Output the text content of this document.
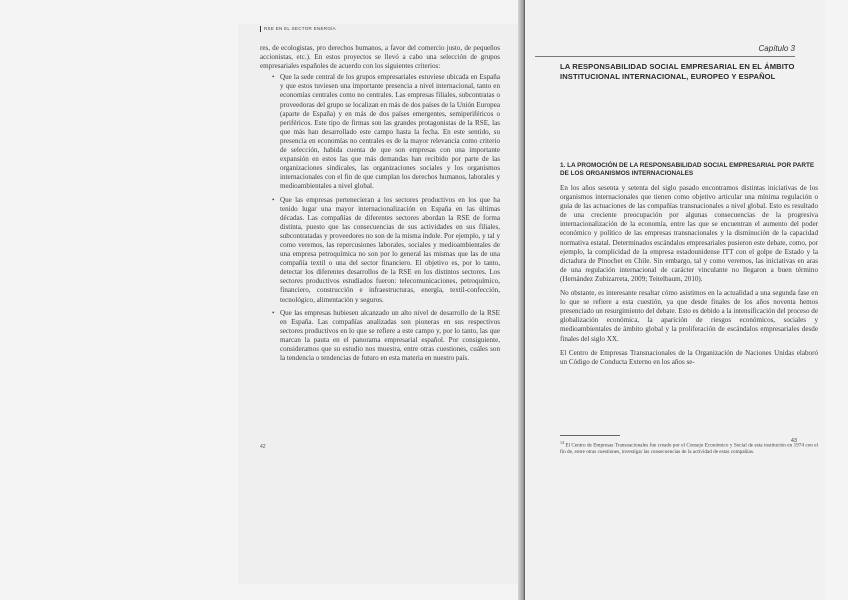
RSE EN EL SECTOR ENERGÍA

res, de ecologistas, pro derechos humanos, a favor del comercio justo, de pequeños accionistas, etc.). En estos proyectos se llevó a cabo una selección de grupos empresariales españoles de acuerdo con los siguientes criterios:

• Que la sede central de los grupos empresariales estuviese ubicada en España y que estos tuviesen una importante presencia a nivel internacional, tanto en economías centrales como no centrales. Las empresas filiales, subcontratas o proveedoras del grupo se localizan en más de dos países de la Unión Europea (aparte de España) y en más de dos países emergentes, semiperiféricos o periféricos. Este tipo de firmas son las grandes protagonistas de la RSE, las que más han desarrollado este campo hasta la fecha. En este sentido, su presencia en economías no centrales es de la mayor relevancia como criterio de selección, habida cuenta de que son empresas con una importante expansión en estos las que más demandas han recibido por parte de las organizaciones sindicales, las organizaciones sociales y los organismos internacionales con el fin de que cumplan los derechos humanos, laborales y medioambientales a nivel global.
• Que las empresas pertenecieran a los sectores productivos en los que ha tenido lugar una mayor internacionalización en España en las últimas décadas. Las compañías de diferentes sectores abordan la RSE de forma distinta, puesto que las consecuencias de sus actividades en sus filiales, subcontratadas y proveedores no son de la misma índole. Por ejemplo, y tal y como veremos, las repercusiones laborales, sociales y medioambientales de una empresa petroquímica no son por lo general las mismas que las de una compañía textil o una del sector financiero. El objetivo es, por lo tanto, detectar los diferentes desarrollos de la RSE en los distintos sectores. Los sectores productivos estudiados fueron: telecomunicaciones, petroquímico, financiero, construcción e infraestructuras, energía, textil-confección, tecnológico, alimentación y seguros.
• Que las empresas hubiesen alcanzado un alto nivel de desarrollo de la RSE en España. Las compañías analizadas son pioneras en sus respectivos sectores productivos en lo que se refiere a este campo y, por lo tanto, las que marcan la pauta en el panorama empresarial español. Por consiguiente, consideramos que su estudio nos muestra, entre otras cuestiones, cuáles son la tendencia o tendencias de futuro en esta materia en nuestro país.
42
Capítulo 3
LA RESPONSABILIDAD SOCIAL EMPRESARIAL EN EL ÁMBITO INSTITUCIONAL INTERNACIONAL, EUROPEO Y ESPAÑOL
1. LA PROMOCIÓN DE LA RESPONSABILIDAD SOCIAL EMPRESARIAL POR PARTE DE LOS ORGANISMOS INTERNACIONALES

En los años sesenta y setenta del siglo pasado encontramos distintas iniciativas de los organismos internacionales que tienen como objetivo articular una mínima regulación o guía de las actuaciones de las compañías transnacionales a nivel global. Esto es resultado de una creciente preocupación por algunas consecuencias de la progresiva internacionalización de la economía, entre las que se encuentran el aumento del poder económico y político de las empresas transnacionales y la disminución de la capacidad normativa estatal. Determinados escándalos empresariales pusieron este debate, como, por ejemplo, la complicidad de la empresa estadounidense ITT con el golpe de Estado y la dictadura de Pinochet en Chile. Sin embargo, tal y como veremos, las iniciativas en aras de una regulación internacional de carácter vinculante no llegaron a buen término (Hernández Zubizarreta, 2009; Teitelbaum, 2010).

No obstante, es interesante resaltar cómo asistimos en la actualidad a una segunda fase en lo que se refiere a esta cuestión, ya que desde finales de los años noventa hemos presenciado un resurgimiento del debate. Esto es debido a la intensificación del proceso de globalización económica, la aparición de riesgos económicos, sociales y medioambientales de ámbito global y la proliferación de escándalos empresariales desde finales del siglo XX.

El Centro de Empresas Transnacionales de la Organización de Naciones Unidas elaboró un Código de Conducta Externo en los años se-

$^{14}$ El Centro de Empresas Transnacionales fue creado por el Consejo Económico y Social de esta institución en 1974 con el fin de, entre otras cuestiones, investigar las consecuencias de la actividad de estas compañías.
43
